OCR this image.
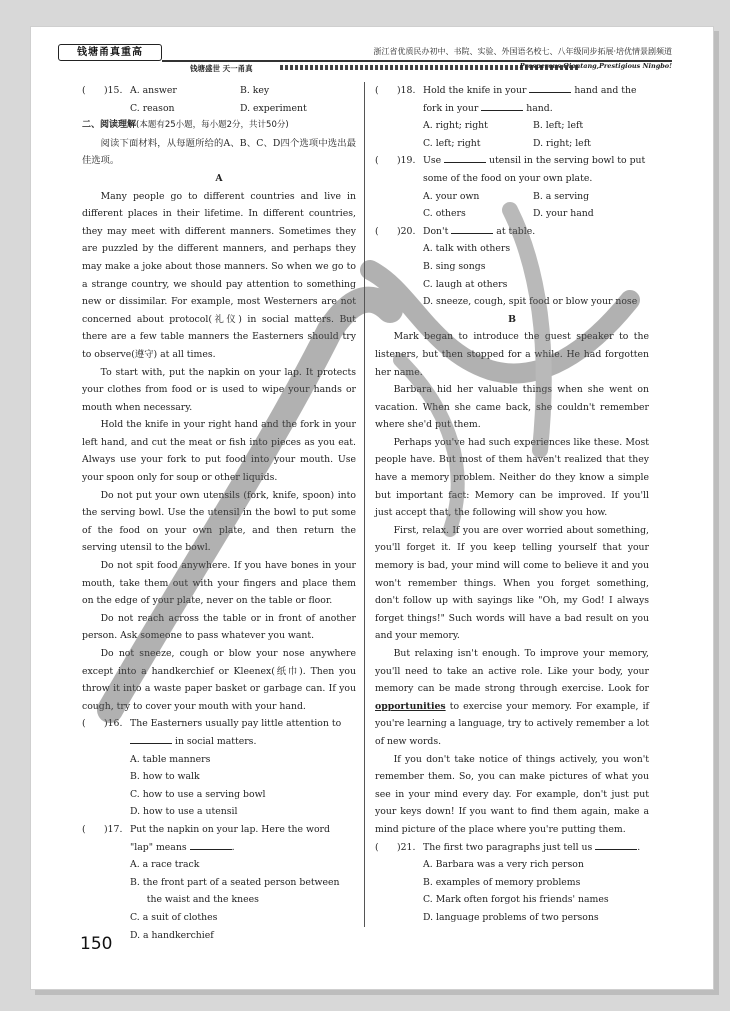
钱塘甬真重高	浙江省优质民办初中、书院、实验、外国语名校七、八年级同步拓展·培优情景剧频道
钱塘盛世 天一甬真	Prosperous Qiantang,Prestigious Ningbo!
(	)15. A. answer	B. key
C. reason	D. experiment

二、阅读理解(本题有25小题，每小题2分，共计50分)

阅读下面材料，从每题所给的A、B、C、D四个选项中选出最佳选项。

A

Many people go to different countries and live in different places in their lifetime. In different countries, they may meet with different manners. Sometimes they are puzzled by the different manners, and perhaps they may make a joke about those manners. So when we go to a strange country, we should pay attention to something new or dissimilar. For example, most Westerners are not concerned about protocol(礼仪) in social matters. But there are a few table manners the Easterners should try to observe(遵守) at all times.

To start with, put the napkin on your lap. It protects your clothes from food or is used to wipe your hands or mouth when necessary.

Hold the knife in your right hand and the fork in your left hand, and cut the meat or fish into pieces as you eat. Always use your fork to put food into your mouth. Use your spoon only for soup or other liquids.

Do not put your own utensils (fork, knife, spoon) into the serving bowl. Use the utensil in the bowl to put some of the food on your own plate, and then return the serving utensil to the bowl.

Do not spit food anywhere. If you have bones in your mouth, take them out with your fingers and place them on the edge of your plate, never on the table or floor.

Do not reach across the table or in front of another person. Ask someone to pass whatever you want.

Do not sneeze, cough or blow your nose anywhere except into a handkerchief or Kleenex(纸巾). Then you throw it into a waste paper basket or garbage can. If you cough, try to cover your mouth with your hand.

(	)16. The Easterners usually pay little attention to
in social matters.

A. table manners

B. how to walk

C. how to use a serving bowl

D. how to use a utensil

(	)17. Put the napkin on your lap. Here the word
"lap" means	.

A. a race track

B. the front part of a seated person between the waist and the knees

C. a suit of clothes

D. a handkerchief

(	)18. Hold the knife in your	hand and the
fork in your	hand.
A. right; right	B. left; left
C. left; right	D. right; left
(	)19. Use	utensil in the serving bowl to put
some of the food on your own plate.
A. your own	B. a serving
C. others	D. your hand
(	)20. Don't	at table.

A. talk with others

B. sing songs

C. laugh at others

D. sneeze, cough, spit food or blow your nose

B

Mark began to introduce the guest speaker to the listeners, but then stopped for a while. He had forgotten her name.

Barbara hid her valuable things when she went on vacation. When she came back, she couldn't remember where she'd put them.

Perhaps you've had such experiences like these. Most people have. But most of them haven't realized that they have a memory problem. Neither do they know a simple but important fact: Memory can be improved. If you'll just accept that, the following will show you how.

First, relax. If you are over worried about something, you'll forget it. If you keep telling yourself that your memory is bad, your mind will come to believe it and you won't remember things. When you forget something, don't follow up with sayings like "Oh, my God! I always forget things!" Such words will have a bad result on you and your memory.

But relaxing isn't enough. To improve your memory, you'll need to take an active role. Like your body, your memory can be made strong through exercise. Look for opportunities to exercise your memory. For example, if you're learning a language, try to actively remember a lot of new words.

If you don't take notice of things actively, you won't remember them. So, you can make pictures of what you see in your mind every day. For example, don't just put your keys down! If you want to find them again, make a mind picture of the place where you're putting them.

(	)21. The first two paragraphs just tell us	.

A. Barbara was a very rich person

B. examples of memory problems

C. Mark often forgot his friends' names

D. language problems of two persons

150
